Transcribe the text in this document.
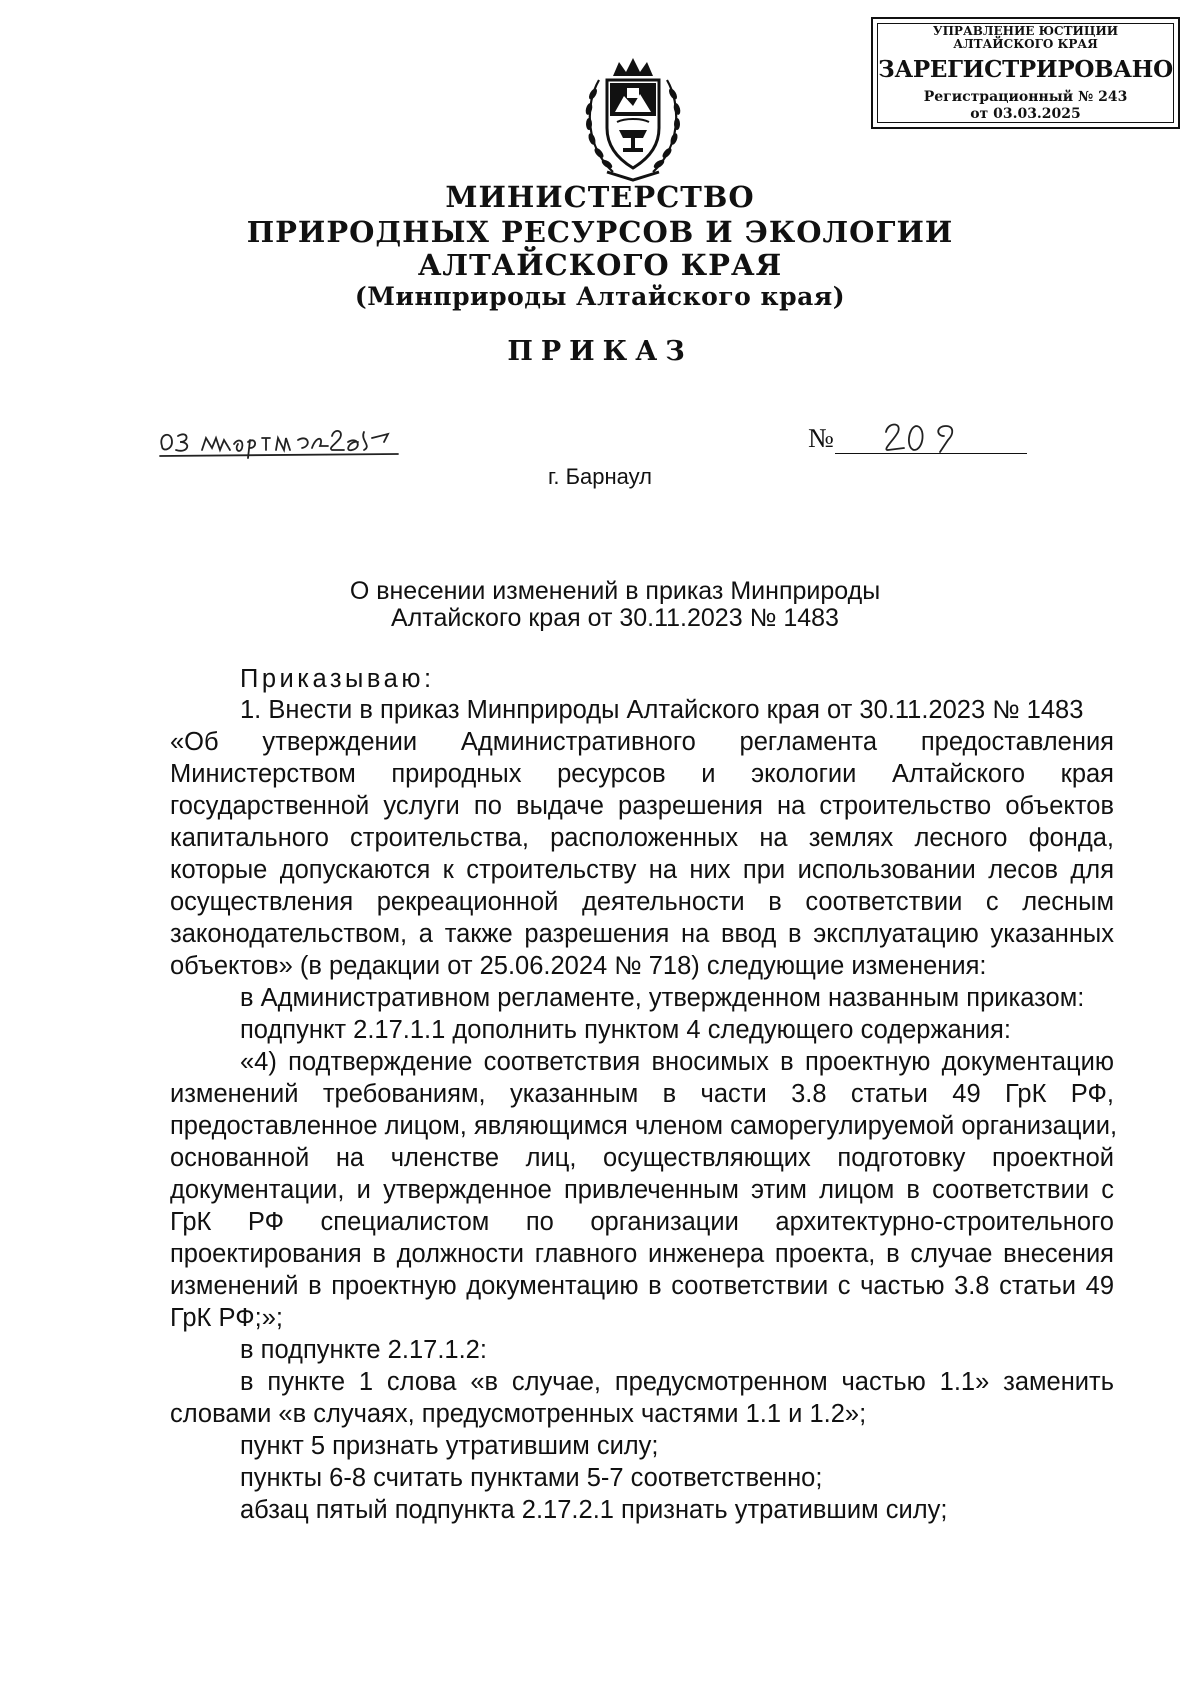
УПРАВЛЕНИЕ ЮСТИЦИИ
АЛТАЙСКОГО КРАЯ
ЗАРЕГИСТРИРОВАНО
Регистрационный № 243
от 03.03.2025
МИНИСТЕРСТВО
ПРИРОДНЫХ РЕСУРСОВ И ЭКОЛОГИИ
АЛТАЙСКОГО КРАЯ
(Минприроды Алтайского края)
ПРИКАЗ
№
г. Барнаул
О внесении изменений в приказ Минприроды
Алтайского края от 30.11.2023 № 1483
Приказываю:
1. Внести в приказ Минприроды Алтайского края от 30.11.2023 № 1483
«Об утверждении Административного регламента предоставления
Министерством природных ресурсов и экологии Алтайского края
государственной услуги по выдаче разрешения на строительство объектов
капитального строительства, расположенных на землях лесного фонда,
которые допускаются к строительству на них при использовании лесов для
осуществления рекреационной деятельности в соответствии с лесным
законодательством, а также разрешения на ввод в эксплуатацию указанных
объектов» (в редакции от 25.06.2024 № 718) следующие изменения:
в Административном регламенте, утвержденном названным приказом:
подпункт 2.17.1.1 дополнить пунктом 4 следующего содержания:
«4) подтверждение соответствия вносимых в проектную документацию
изменений требованиям, указанным в части 3.8 статьи 49 ГрК РФ,
предоставленное лицом, являющимся членом саморегулируемой организации,
основанной на членстве лиц, осуществляющих подготовку проектной
документации, и утвержденное привлеченным этим лицом в соответствии с
ГрК РФ специалистом по организации архитектурно-строительного
проектирования в должности главного инженера проекта, в случае внесения
изменений в проектную документацию в соответствии с частью 3.8 статьи 49
ГрК РФ;»;
в подпункте 2.17.1.2:
в пункте 1 слова «в случае, предусмотренном частью 1.1» заменить
словами «в случаях, предусмотренных частями 1.1 и 1.2»;
пункт 5 признать утратившим силу;
пункты 6-8 считать пунктами 5-7 соответственно;
абзац пятый подпункта 2.17.2.1 признать утратившим силу;
